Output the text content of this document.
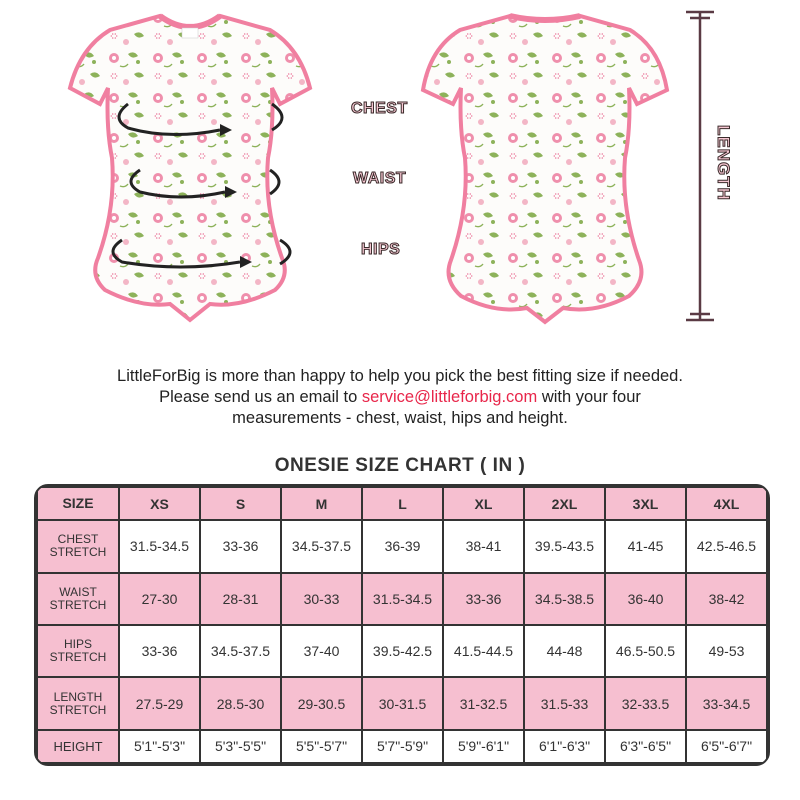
CHEST
WAIST
HIPS
LENGTH
LittleForBig is more than happy to help you pick the best fitting size if needed.
Please send us an email to service@littleforbig.com with your four
measurements - chest, waist, hips and height.
ONESIE SIZE CHART ( IN )
SIZE	XS	S	M	L	XL	2XL	3XL	4XL
CHEST
STRETCH	31.5-34.5	33-36	34.5-37.5	36-39	38-41	39.5-43.5	41-45	42.5-46.5
WAIST
STRETCH	27-30	28-31	30-33	31.5-34.5	33-36	34.5-38.5	36-40	38-42
HIPS
STRETCH	33-36	34.5-37.5	37-40	39.5-42.5	41.5-44.5	44-48	46.5-50.5	49-53
LENGTH
STRETCH	27.5-29	28.5-30	29-30.5	30-31.5	31-32.5	31.5-33	32-33.5	33-34.5
HEIGHT	5'1"-5'3"	5'3"-5'5"	5'5"-5'7"	5'7"-5'9"	5'9"-6'1"	6'1"-6'3"	6'3"-6'5"	6'5"-6'7"
